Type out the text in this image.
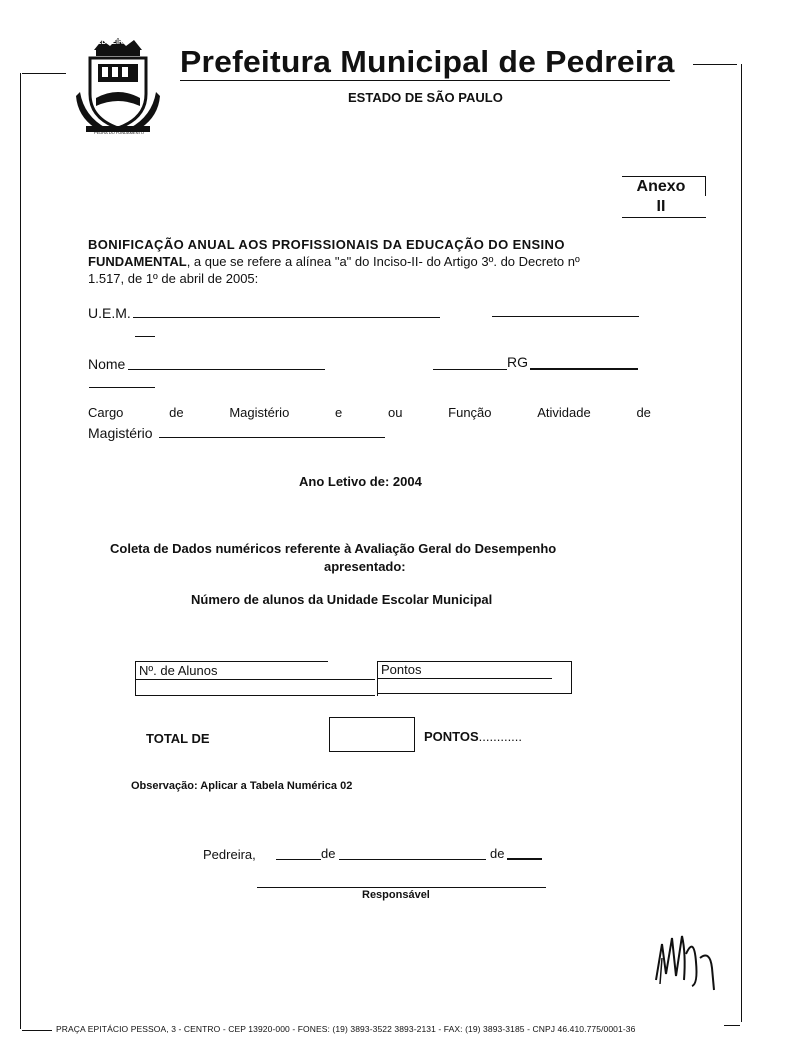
PEDREIRA
PEDRA DO FUNDAMENTO
Prefeitura Municipal de Pedreira
ESTADO DE SÃO PAULO
Anexo
II
BONIFICAÇÃO ANUAL AOS PROFISSIONAIS DA EDUCAÇÃO DO ENSINO
FUNDAMENTAL, a que se refere a alínea "a" do Inciso-II- do Artigo 3º. do Decreto nº
1.517, de 1º de abril de 2005:
U.E.M.
Nome	RG
Cargo	de	Magistério	e	ou	Função	Atividade	de
Magistério
Ano Letivo de: 2004
Coleta de Dados numéricos referente à Avaliação Geral do Desempenho
apresentado:
Número de alunos da Unidade Escolar Municipal
Nº. de Alunos	Pontos
TOTAL DE	PONTOS............
Observação: Aplicar a Tabela Numérica 02
Pedreira,	de	de
Responsável
PRAÇA EPITÁCIO PESSOA, 3 - CENTRO - CEP 13920-000 - FONES: (19) 3893-3522 3893-2131 - FAX: (19) 3893-3185 - CNPJ 46.410.775/0001-36
